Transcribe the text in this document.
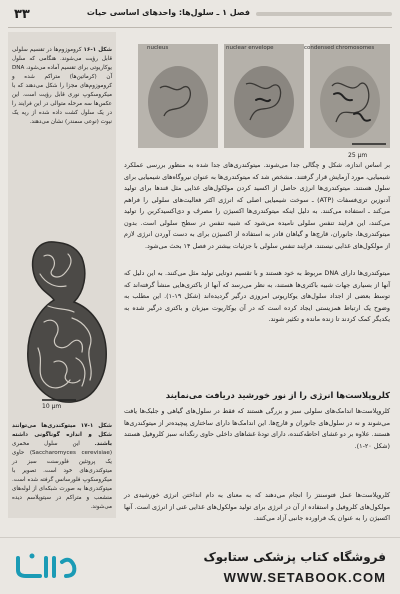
۳۳	فصل ۱ ـ سلول‌ها: واحدهای اساسی حیات

شکل ۱-۱۶ کروموزوم‌ها در تقسیم سلولی قابل رؤیت می‌شوند. هنگامی که سلول یوکاریوتی برای تقسیم آماده می‌شود، DNA آن (کرماتین‌ها) متراکم شده و کروموزوم‌های مجزا را شکل می‌دهند که با میکروسکوپ نوری قابل رؤیت است. این عکس‌ها سه مرحله متوالی در این فرایند را در یک سلول کشت داده شده از ریه یک نیوت (نوعی سمندر) نشان می‌دهند.

10 μm

شکل ۱-۱۷ میتوکندری‌ها می‌توانند شکل و اندازه گوناگونی داشته باشند. این سلول مخمری (Saccharomyces cerevisiae) حاوی یک پروتئین فلورسنت سبز در میتوکندری‌های خود است. تصویر با میکروسکوپ فلورسانس گرفته شده است. میتوکندری‌ها به صورت شبکه‌ای از لوله‌های منشعب و متراکم در سیتوپلاسم دیده می‌شوند.

nucleus	nuclear envelope	condensed chromosomes
25 μm

بر اساس اندازه، شکل و چگالی جدا می‌شوند. میتوکندری‌های جدا شده به منظور بررسی عملکرد شیمیایی، مورد آزمایش قرار گرفتند. مشخص شد که میتوکندری‌ها به عنوان نیروگاه‌های شیمیایی برای سلول هستند. میتوکندری‌ها انرژی حاصل از اکسید کردن مولکول‌های غذایی مثل قندها برای تولید آدنوزین تری‌فسفات (ATP) ـ سوخت شیمیایی اصلی که انرژی اکثر فعالیت‌های سلولی را فراهم می‌کند ـ استفاده می‌کنند. به دلیل اینکه میتوکندری‌ها اکسیژن را مصرف و دی‌اکسیدکربن را تولید می‌کنند، این فرایند تنفس سلولی نامیده می‌شود که شبیه تنفس در سطح سلولی است. بدون میتوکندری‌ها، جانوران، قارچ‌ها و گیاهان قادر به استفاده از اکسیژن برای به دست آوردن انرژی لازم از مولکول‌های غذایی نیستند. فرایند تنفس سلولی با جزئیات بیشتر در فصل ۱۴ بحث می‌شود.

میتوکندری‌ها دارای DNA مربوط به خود هستند و با تقسیم دوتایی تولید مثل می‌کنند. به این دلیل که آنها از بسیاری جهات شبیه باکتری‌ها هستند، به نظر می‌رسد که آنها از باکتری‌هایی منشأ گرفته‌اند که توسط بعضی از اجداد سلول‌های یوکاریوتی امروزی درگیر گردیده‌اند (شکل ۱۹-۱). این مطلب به وضوح یک ارتباط همزیستی ایجاد کرده است که در آن یوکاریوت میزبان و باکتری درگیر شده به یکدیگر کمک کردند تا زنده مانده و تکثیر شوند.

کلروپلاست‌ها انرژی را از نور خورشید دریافت می‌نمایند

کلروپلاست‌ها اندامک‌های سلولی سبز و بزرگی هستند که فقط در سلول‌های گیاهی و جلبک‌ها یافت می‌شوند و نه در سلول‌های جانوران و قارچ‌ها. این اندامک‌ها دارای ساختاری پیچیده‌تر از میتوکندری‌ها هستند. علاوه بر دو غشای احاطه‌کننده، دارای تودهٔ غشاهای داخلی حاوی رنگدانه سبز کلروفیل هستند (شکل ۲۰-۱).

کلروپلاست‌ها عمل فتوسنتز را انجام می‌دهند که به معنای به دام انداختن انرژی خورشیدی در مولکول‌های کلروفیل و استفاده از آن در انرژی برای تولید مولکول‌های غذایی غنی از انرژی است. آنها اکسیژن را به عنوان یک فراورده جانبی آزاد می‌کنند.

فروشگاه کتاب پزشکی ستابوک
WWW.SETABOOK.COM
